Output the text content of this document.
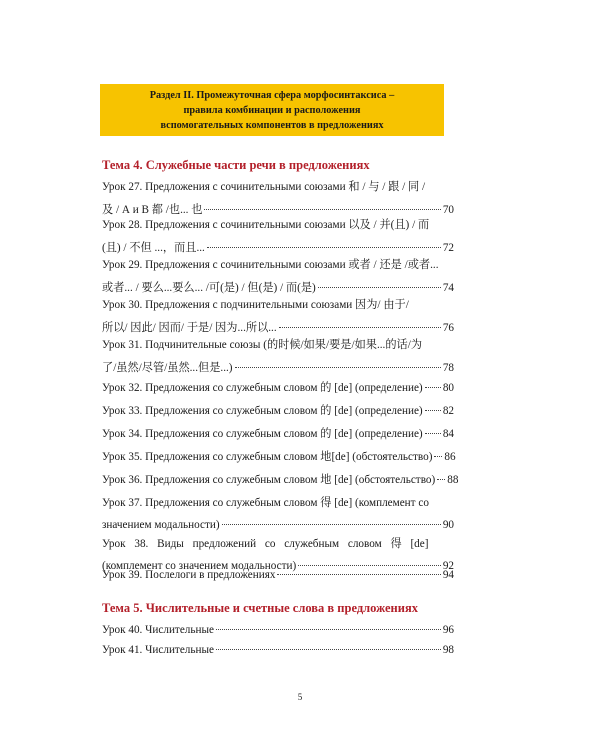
Раздел II. Промежуточная сфера морфосинтаксиса –
правила комбинации и расположения
вспомогательных компонентов в предложениях
Тема 4. Служебные части речи в предложениях
Урок 27. Предложения с сочинительными союзами 和 / 与 / 跟 / 同 /
及 / А и В 都 /也... 也	70
Урок 28. Предложения с сочинительными союзами 以及 / 并(且) / 而
(且) / 不但 ...，而且...	72
Урок 29. Предложения с сочинительными союзами 或者 / 还是 /或者...
或者... / 要么...要么... /可(是) / 但(是) / 而(是)	74
Урок 30. Предложения с подчинительными союзами 因为/ 由于/
所以/ 因此/ 因而/ 于是/ 因为...所以...	76
Урок 31. Подчинительные союзы (的时候/如果/要是/如果...的话/为
了/虽然/尽管/虽然...但是...)	78
Урок 32. Предложения со служебным словом 的 [de] (определение) 80
Урок 33. Предложения со служебным словом 的 [de] (определение) 82
Урок 34. Предложения со служебным словом 的 [de] (определение) 84
Урок 35. Предложения со служебным словом 地[de] (обстоятельство) 86
Урок 36. Предложения со служебным словом 地 [de] (обстоятельство) 88
Урок 37. Предложения со служебным словом 得 [de] (комплемент со
значением модальности)	90
Урок 38. Виды предложений со служебным словом 得 [de]
(комплемент со значением модальности)	92
Урок 39. Послелоги в предложениях	94
Тема 5. Числительные и счетные слова в предложениях
Урок 40. Числительные	96
Урок 41. Числительные	98
5
